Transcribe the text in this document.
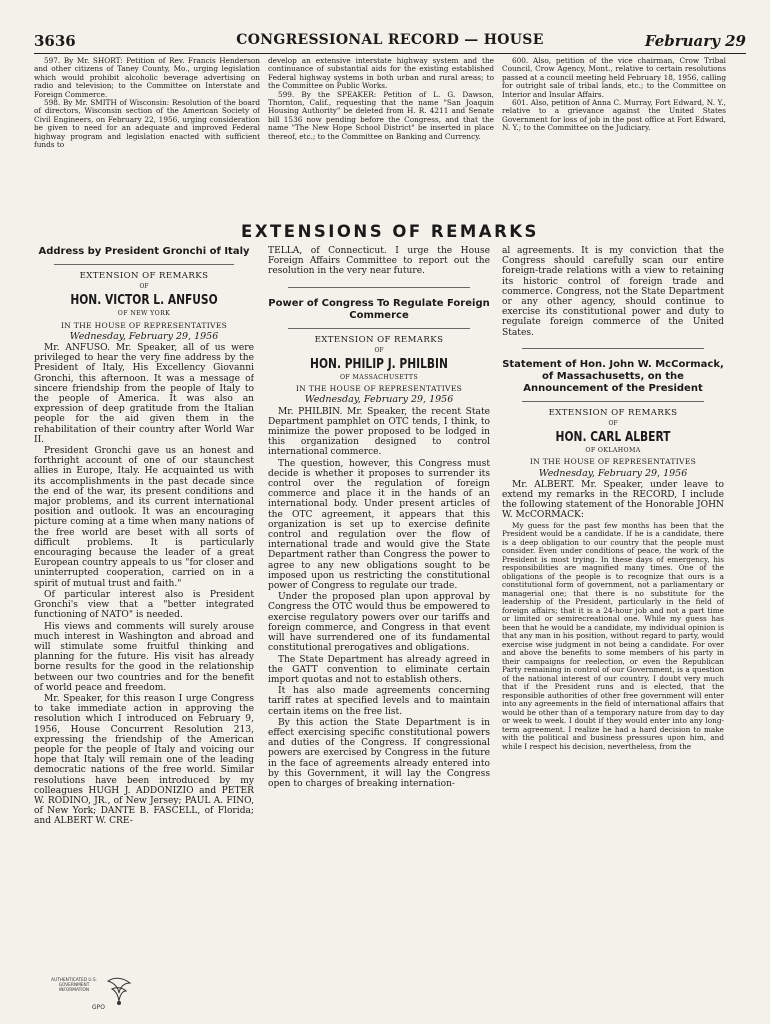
3636	CONGRESSIONAL RECORD — HOUSE	February 29

597. By Mr. SHORT: Petition of Rev. Francis Henderson and other citizens of Taney County, Mo., urging legislation which would prohibit alcoholic beverage advertising on radio and television; to the Committee on Interstate and Foreign Commerce.

598. By Mr. SMITH of Wisconsin: Resolution of the board of directors, Wisconsin section of the American Society of Civil Engineers, on February 22, 1956, urging consideration be given to need for an adequate and improved Federal highway program and legislation enacted with sufficient funds to

develop an extensive interstate highway system and the continuance of substantial aids for the existing established Federal highway systems in both urban and rural areas; to the Committee on Public Works.

599. By the SPEAKER: Petition of L. G. Dawson, Thornton, Calif., requesting that the name "San Joaquin Housing Authority" be deleted from H. R. 4211 and Senate bill 1536 now pending before the Congress, and that the name "The New Hope School District" be inserted in place thereof, etc.; to the Committee on Banking and Currency.

600. Also, petition of the vice chairman, Crow Tribal Council, Crow Agency, Mont., relative to certain resolutions passed at a council meeting held February 18, 1956, calling for outright sale of tribal lands, etc.; to the Committee on Interior and Insular Affairs.

601. Also, petition of Anna C. Murray, Fort Edward, N. Y., relative to a grievance against the United States Government for loss of job in the post office at Fort Edward, N. Y.; to the Committee on the Judiciary.

EXTENSIONS OF REMARKS

Address by President Gronchi of Italy

EXTENSION OF REMARKS

OF

HON. VICTOR L. ANFUSO

OF NEW YORK

IN THE HOUSE OF REPRESENTATIVES

Wednesday, February 29, 1956

Mr. ANFUSO. Mr. Speaker, all of us were privileged to hear the very fine address by the President of Italy, His Excellency Giovanni Gronchi, this afternoon. It was a message of sincere friendship from the people of Italy to the people of America. It was also an expression of deep gratitude from the Italian people for the aid given them in the rehabilitation of their country after World War II.

President Gronchi gave us an honest and forthright account of one of our staunchest allies in Europe, Italy. He acquainted us with its accomplishments in the past decade since the end of the war, its present conditions and major problems, and its current international position and outlook. It was an encouraging picture coming at a time when many nations of the free world are beset with all sorts of difficult problems. It is particularly encouraging because the leader of a great European country appeals to us "for closer and uninterrupted cooperation, carried on in a spirit of mutual trust and faith."

Of particular interest also is President Gronchi's view that a "better integrated functioning of NATO" is needed.

His views and comments will surely arouse much interest in Washington and abroad and will stimulate some fruitful thinking and planning for the future. His visit has already borne results for the good in the relationship between our two countries and for the benefit of world peace and freedom.

Mr. Speaker, for this reason I urge Congress to take immediate action in approving the resolution which I introduced on February 9, 1956, House Concurrent Resolution 213, expressing the friendship of the American people for the people of Italy and voicing our hope that Italy will remain one of the leading democratic nations of the free world. Similar resolutions have been introduced by my colleagues HUGH J. ADDONIZIO and PETER W. RODINO, JR., of New Jersey; PAUL A. FINO, of New York; DANTE B. FASCELL, of Florida; and ALBERT W. CRE-

TELLA, of Connecticut. I urge the House Foreign Affairs Committee to report out the resolution in the very near future.

Power of Congress To Regulate Foreign Commerce

EXTENSION OF REMARKS

OF

HON. PHILIP J. PHILBIN

OF MASSACHUSETTS

IN THE HOUSE OF REPRESENTATIVES

Wednesday, February 29, 1956

Mr. PHILBIN. Mr. Speaker, the recent State Department pamphlet on OTC tends, I think, to minimize the power proposed to be lodged in this organization designed to control international commerce.

The question, however, this Congress must decide is whether it proposes to surrender its control over the regulation of foreign commerce and place it in the hands of an international body. Under present articles of the OTC agreement, it appears that this organization is set up to exercise definite control and regulation over the flow of international trade and would give the State Department rather than Congress the power to agree to any new obligations sought to be imposed upon us restricting the constitutional power of Congress to regulate our trade.

Under the proposed plan upon approval by Congress the OTC would thus be empowered to exercise regulatory powers over our tariffs and foreign commerce, and Congress in that event will have surrendered one of its fundamental constitutional prerogatives and obligations.

The State Department has already agreed in the GATT convention to eliminate certain import quotas and not to establish others.

It has also made agreements concerning tariff rates at specified levels and to maintain certain items on the free list.

By this action the State Department is in effect exercising specific constitutional powers and duties of the Congress. If congressional powers are exercised by Congress in the future in the face of agreements already entered into by this Government, it will lay the Congress open to charges of breaking internation-

al agreements. It is my conviction that the Congress should carefully scan our entire foreign-trade relations with a view to retaining its historic control of foreign trade and commerce. Congress, not the State Department or any other agency, should continue to exercise its constitutional power and duty to regulate foreign commerce of the United States.

Statement of Hon. John W. McCormack, of Massachusetts, on the Announcement of the President

EXTENSION OF REMARKS

OF

HON. CARL ALBERT

OF OKLAHOMA

IN THE HOUSE OF REPRESENTATIVES

Wednesday, February 29, 1956

Mr. ALBERT. Mr. Speaker, under leave to extend my remarks in the RECORD, I include the following statement of the Honorable JOHN W. McCORMACK:

My guess for the past few months has been that the President would be a candidate. If he is a candidate, there is a deep obligation to our country that the people must consider. Even under conditions of peace, the work of the President is most trying. In these days of emergency, his responsibilities are magnified many times. One of the obligations of the people is to recognize that ours is a constitutional form of government, not a parliamentary or managerial one; that there is no substitute for the leadership of the President, particularly in the field of foreign affairs; that it is a 24-hour job and not a part time or limited or semirecreational one. While my guess has been that he would be a candidate, my individual opinion is that any man in his position, without regard to party, would exercise wise judgment in not being a candidate. For over and above the benefits to some members of his party in their campaigns for reelection, or even the Republican Party remaining in control of our Government, is a question of the national interest of our country. I doubt very much that if the President runs and is elected, that the responsible authorities of other free government will enter into any agreements in the field of international affairs that would be other than of a temporary nature from day to day or week to week. I doubt if they would enter into any long-term agreement. I realize he had a hard decision to make with the political and business pressures upon him, and while I respect his decision, nevertheless, from the

AUTHENTICATED U.S. GOVERNMENT INFORMATION
GPO
